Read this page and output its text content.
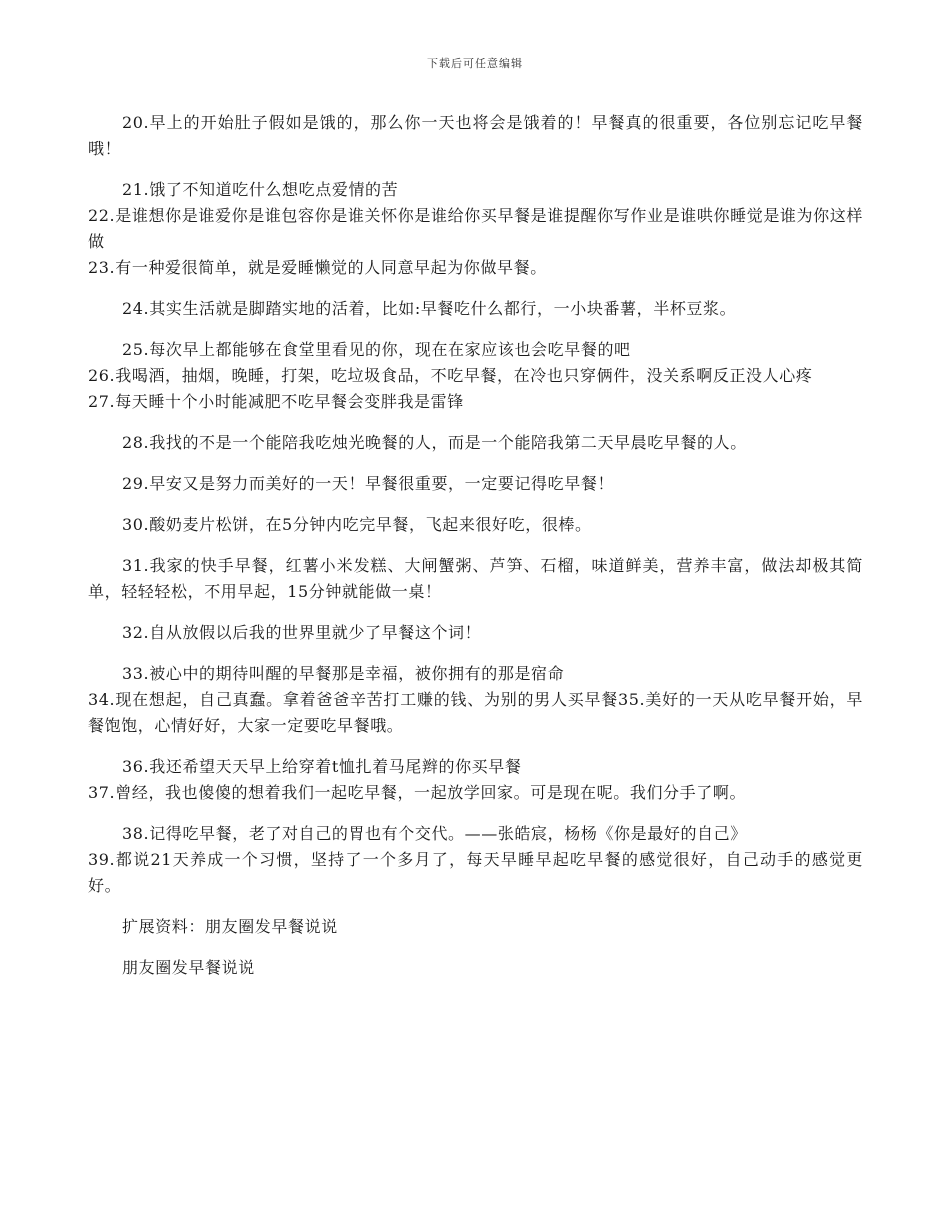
下载后可任意编辑

20.早上的开始肚子假如是饿的，那么你一天也将会是饿着的！早餐真的很重要，各位别忘记吃早餐哦！

21.饿了不知道吃什么想吃点爱情的苦

22.是谁想你是谁爱你是谁包容你是谁关怀你是谁给你买早餐是谁提醒你写作业是谁哄你睡觉是谁为你这样做

23.有一种爱很简单，就是爱睡懒觉的人同意早起为你做早餐。

24.其实生活就是脚踏实地的活着，比如:早餐吃什么都行，一小块番薯，半杯豆浆。

25.每次早上都能够在食堂里看见的你，现在在家应该也会吃早餐的吧

26.我喝酒，抽烟，晚睡，打架，吃垃圾食品，不吃早餐，在冷也只穿俩件，没关系啊反正没人心疼

27.每天睡十个小时能减肥不吃早餐会变胖我是雷锋

28.我找的不是一个能陪我吃烛光晚餐的人，而是一个能陪我第二天早晨吃早餐的人。

29.早安又是努力而美好的一天！早餐很重要，一定要记得吃早餐！

30.酸奶麦片松饼，在5分钟内吃完早餐，飞起来很好吃，很棒。

31.我家的快手早餐，红薯小米发糕、大闸蟹粥、芦笋、石榴，味道鲜美，营养丰富，做法却极其简单，轻轻轻松，不用早起，15分钟就能做一桌！

32.自从放假以后我的世界里就少了早餐这个词！

33.被心中的期待叫醒的早餐那是幸福，被你拥有的那是宿命

34.现在想起，自己真蠢。拿着爸爸辛苦打工赚的钱、为别的男人买早餐35.美好的一天从吃早餐开始，早餐饱饱，心情好好，大家一定要吃早餐哦。

36.我还希望天天早上给穿着t恤扎着马尾辫的你买早餐

37.曾经，我也傻傻的想着我们一起吃早餐，一起放学回家。可是现在呢。我们分手了啊。

38.记得吃早餐，老了对自己的胃也有个交代。——张皓宸，杨杨《你是最好的自己》

39.都说21天养成一个习惯，坚持了一个多月了，每天早睡早起吃早餐的感觉很好，自己动手的感觉更好。

扩展资料：朋友圈发早餐说说

朋友圈发早餐说说
